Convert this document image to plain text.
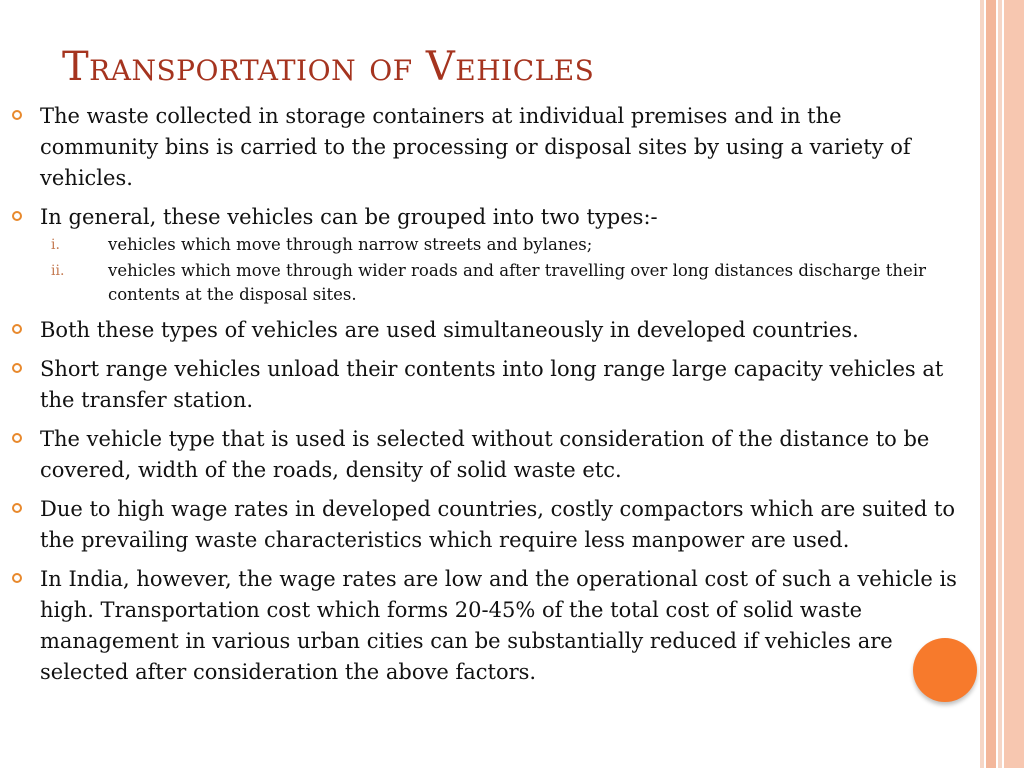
Transportation of Vehicles
The waste collected in storage containers at individual premises and in the community bins is carried to the processing or disposal sites by using a variety of vehicles.
In general, these vehicles can be grouped into two types:-
i.	vehicles which move through narrow streets and bylanes;
ii.	vehicles which move through wider roads and after travelling over long distances discharge their contents at the disposal sites.
Both these types of vehicles are used simultaneously in developed countries.
Short range vehicles unload their contents into long range large capacity vehicles at the transfer station.
The vehicle type that is used is selected without consideration of the distance to be covered, width of the roads, density of solid waste etc.
Due to high wage rates in developed countries, costly compactors which are suited to the prevailing waste characteristics which require less manpower are used.
In India, however, the wage rates are low and the operational cost of such a vehicle is high. Transportation cost which forms 20-45% of the total cost of solid waste management in various urban cities can be substantially reduced if vehicles are selected after consideration the above factors.
